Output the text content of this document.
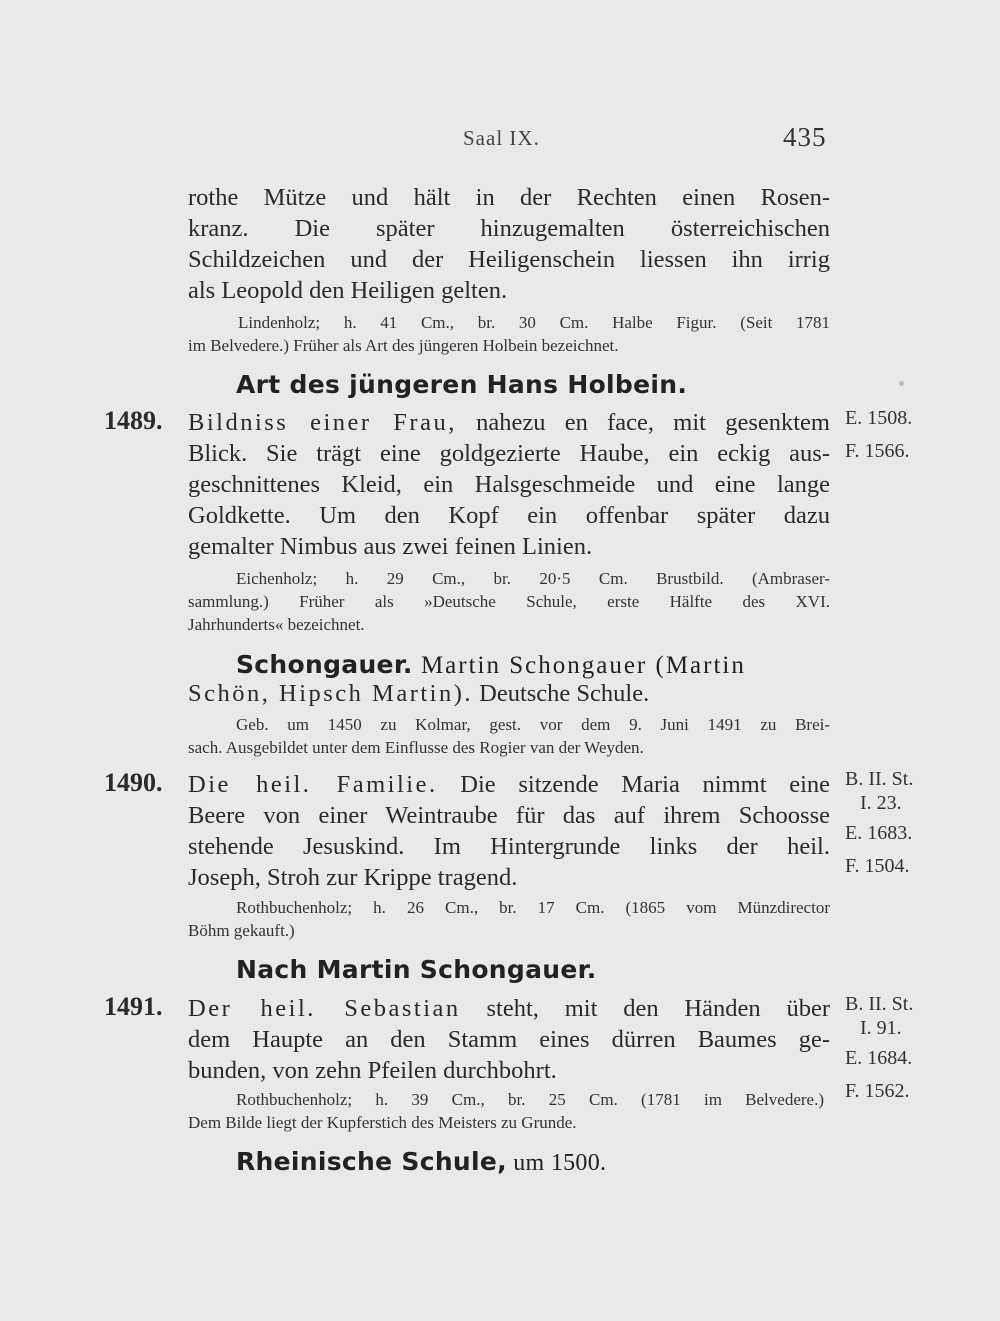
Saal IX.	435
rothe Mütze und hält in der Rechten einen Rosen-
kranz. Die später hinzugemalten österreichischen
Schildzeichen und der Heiligenschein liessen ihn irrig
als Leopold den Heiligen gelten.
Lindenholz; h. 41 Cm., br. 30 Cm. Halbe Figur. (Seit 1781
im Belvedere.) Früher als Art des jüngeren Holbein bezeichnet.
Art des jüngeren Hans Holbein.
1489. Bildniss einer Frau, nahezu en face, mit gesenktem
Blick. Sie trägt eine goldgezierte Haube, ein eckig aus-
geschnittenes Kleid, ein Halsgeschmeide und eine lange
Goldkette. Um den Kopf ein offenbar später dazu
gemalter Nimbus aus zwei feinen Linien.
Eichenholz; h. 29 Cm., br. 20·5 Cm. Brustbild. (Ambraser-
sammlung.) Früher als »Deutsche Schule, erste Hälfte des XVI.
Jahrhunderts« bezeichnet.
E. 1508.
F. 1566.
Schongauer. Martin Schongauer (Martin
Schön, Hipsch Martin). Deutsche Schule.
Geb. um 1450 zu Kolmar, gest. vor dem 9. Juni 1491 zu Brei-
sach. Ausgebildet unter dem Einflusse des Rogier van der Weyden.
1490. Die heil. Familie. Die sitzende Maria nimmt eine
Beere von einer Weintraube für das auf ihrem Schoosse
stehende Jesuskind. Im Hintergrunde links der heil.
Joseph, Stroh zur Krippe tragend.
Rothbuchenholz; h. 26 Cm., br. 17 Cm. (1865 vom Münzdirector
Böhm gekauft.)
B. II. St.
I. 23.
E. 1683.
F. 1504.
Nach Martin Schongauer.
1491. Der heil. Sebastian steht, mit den Händen über
dem Haupte an den Stamm eines dürren Baumes ge-
bunden, von zehn Pfeilen durchbohrt.
Rothbuchenholz; h. 39 Cm., br. 25 Cm. (1781 im Belvedere.)
Dem Bilde liegt der Kupferstich des Meisters zu Grunde.
B. II. St.
I. 91.
E. 1684.
F. 1562.
Rheinische Schule, um 1500.
